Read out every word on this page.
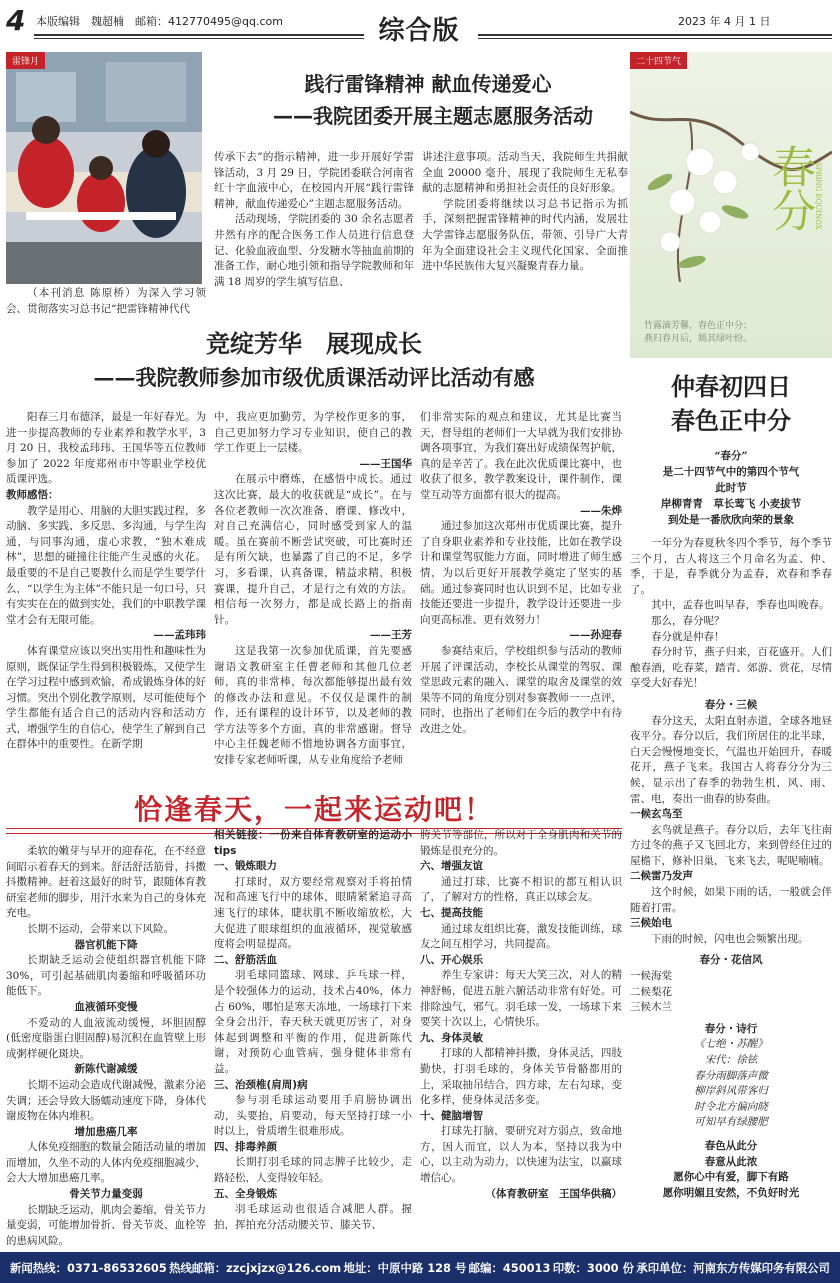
4 本版编辑　魏超楠　邮箱：412770495@qq.com	综合版	2023 年 4 月 1 日
雷锋月
践行雷锋精神 献血传递爱心
——我院团委开展主题志愿服务活动

（本刊消息 陈原桥）为深入学习领会、贯彻落实习总书记“把雷锋精神代代

传承下去”的指示精神，进一步开展好学雷锋活动，3 月 29 日，学院团委联合河南省红十字血液中心，在校园内开展“践行雷锋精神，献血传递爱心”主题志愿服务活动。

活动现场，学院团委的 30 余名志愿者井然有序的配合医务工作人员进行信息登记、化验血液血型、分发糖水等抽血前期的准备工作，耐心地引领和指导学院教师和年满 18 周岁的学生填写信息、

讲述注意事项。活动当天，我院师生共捐献全血 20000 毫升，展现了我院师生无私奉献的志愿精神和勇担社会责任的良好形象。

学院团委将继续以习总书记指示为抓手，深刻把握雷锋精神的时代内涵，发展壮大学雷锋志愿服务队伍，带领、引导广大青年为全面建设社会主义现代化国家、全面推进中华民族伟大复兴凝聚青春力量。

竞绽芳华　展现成长
——我院教师参加市级优质课活动评比活动有感

阳春三月布德泽，最是一年好春光。为进一步提高教师的专业素养和教学水平，3 月 20 日，我校孟玮玮、王国华等五位教师参加了 2022 年度郑州市中等职业学校优质课评选。

教师感悟：

教学是用心、用脑的大胆实践过程，多动脑、多实践、多反思、多沟通，与学生沟通，与同事沟通，虚心求教，“独木难成林”，思想的碰撞往往能产生灵感的火花。最重要的不是自己要教什么而是学生要学什么，“以学生为主体”不能只是一句口号，只有实实在在的做到实处，我们的中职教学课堂才会有无限可能。

——孟玮玮

体育课堂应该以突出实用性和趣味性为原则，既保证学生得到积极锻炼，又使学生在学习过程中感到欢愉，希成锻炼身体的好习惯。突出个别化教学原则，尽可能使每个学生都能有适合自己的活动内容和活动方式，增强学生的自信心，使学生了解到自己在群体中的重要性。在新学期

中，我应更加勤劳，为学校作更多的事，自己更加努力学习专业知识，使自己的教学工作更上一层楼。

——王国华

在展示中磨炼，在感悟中成长。通过这次比赛，最大的收获就是“成长”。在与各位老教师一次次准备、磨课、修改中，对自己充满信心，同时感受到家人的温暖。虽在赛前不断尝试突破，可比赛时还是有所欠缺，也暴露了自己的不足，多学习，多看课，认真备课，精益求精，积极赛课，提升自己，才是行之有效的方法。相信每一次努力，都是成长路上的指南针。

——王芳

这是我第一次参加优质课，首先要感谢语文教研室主任曹老师和其他几位老师，真的非常棒，每次都能够提出最有效的修改办法和意见。不仅仅是课件的制作，还有课程的设计环节，以及老师的教学方法等多个方面，真的非常感谢。督导中心主任魏老师不惜地协调各方面事宜，安排专家老师听课，从专业角度给予老师

们非常实际的观点和建议，尤其是比赛当天，督导组的老师们一大早就为我们安排协调各项事宜，为我们赛出好成绩保驾护航，真的是辛苦了。我在此次优质课比赛中，也收获了很多，教学教案设计，课件制作，课堂互动等方面都有很大的提高。

——朱烨

通过参加这次郑州市优质课比赛，提升了自身职业素养和专业技能，比如在教学设计和课堂驾驭能力方面，同时增进了师生感情，为以后更好开展教学奠定了坚实的基础。通过参赛同时也认识到不足，比如专业技能还要进一步提升，教学设计还要进一步向更高标准、更有效努力！

——孙迎春

参赛结束后，学校组织参与活动的教师开展了评课活动，李校长从课堂的驾驭、课堂思政元素的融入、课堂的取舍及课堂的效果等不同的角度分别对参赛教师一一点评，同时，也指出了老师们在今后的教学中有待改进之处。

恰逢春天，一起来运动吧！

柔软的嫩芽与早开的迎春花，在不经意间昭示着春天的到来。舒活舒活筋骨，抖擞抖擞精神。赶着这最好的时节，跟随体育教研室老师的脚步，用汗水来为自己的身体充充电。

长期不运动，会带来以下风险。

器官机能下降

长期缺乏运动会使组织器官机能下降 30%，可引起基础肌肉萎缩和呼吸循环功能低下。

血液循环变慢

不爱动的人血液流动缓慢，坏胆固醇(低密度脂蛋白胆固醇)易沉积在血管壁上形成粥样硬化斑块。

新陈代谢减缓

长期不运动会造成代谢减慢，激素分泌失调；还会导致大肠蠕动速度下降，身体代谢废物在体内堆积。

增加患癌几率

人体免疫细胞的数量会随活动量的增加而增加，久坐不动的人体内免疫细胞减少，会大大增加患癌几率。

骨关节力量变弱

长期缺乏运动，肌肉会萎缩，骨关节力量变弱，可能增加骨折、骨关节炎、血栓等的患病风险。

相关链接：一份来自体育教研室的运动小 tips

一、锻炼眼力

打球时，双方要经常观察对手将拍情况和高速飞行中的球体，眼睛紧紧追寻高速飞行的球体，睫状肌不断收缩放松，大大促进了眼球组织的血液循环，视觉敏感度将会明显提高。

二、舒筋活血

羽毛球同篮球、网球、乒乓球一样，是个较强体力的运动，技术占40%，体力占 60%，哪怕是寒天冻地，一场球打下来全身会出汗，春天秋天就更厉害了，对身体起到调整和平衡的作用，促进新陈代谢，对预防心血管病，强身健体非常有益。

三、治颈椎(肩周)病

参与羽毛球运动要用手肩膀协调出动，头要抬，肩要动，每天坚持打球一小时以上，骨质增生很难形成。

四、排毒养颜

长期打羽毛球的同志脾子比较少，走路轻松，人变得较年轻。

五、全身锻炼

羽毛球运动也很适合减肥人群。握拍，挥拍充分活动腰关节、膝关节、

胯关节等部位，所以对于全身肌肉和关节的锻炼是很充分的。

六、增强友谊

通过打球，比赛不相识的都互相认识了，了解对方的性格，真正以球会友。

七、提高技能

通过球友组织比赛，激发技能训练，球友之间互相学习，共同提高。

八、开心娱乐

养生专家讲：每天大笑三次，对人的精神舒畅，促进五脏六腑活动非常有好处。可排除浊气，邪气。羽毛球一发，一场球下来要笑十次以上，心情快乐。

九、身体灵敏

打球的人都精神抖擞，身体灵活，四肢勤快，打羽毛球的，身体关节骨骼都用的上，采取抽吊结合，四方球，左右勾球，变化多样，使身体灵活多变。

十、健脑增智

打球先打脑，要研究对方弱点，致命地方，因人而宜，以人为本，坚持以我为中心，以主动为动力，以快速为法宝，以赢球增信心。

（体育教研室　王国华供稿）

二十四节气
春分 SPRING EQUINOX
竹露滴芳馨，春色正中分；
燕归春月后，嫣其绿叶纷。
仲春初四日
春色正中分

“春分”

是二十四节气中的第四个节气

此时节

岸柳青青　草长莺飞 小麦拔节

到处是一番欣欣向荣的景象

一年分为春夏秋冬四个季节，每个季节三个月，古人将这三个月命名为孟、仲、季，于是，春季就分为孟春，欢春和季春了。

其中，孟春也叫早春，季春也叫晚春。

那么，春分呢？

春分就是仲春！

春分时节，燕子归来，百花盛开。人们酿春酒，吃春菜，踏青、郊游、赏花，尽情享受大好春光！

春分・三候

春分这天，太阳直射赤道，全球各地昼夜平分。春分以后，我们所居住的北半球，白天会慢慢地变长，气温也开始回升，春暖花开，燕子飞来。我国古人将春分分为三候，显示出了春季的勃勃生机，风、雨、雷、电，奏出一曲春的协奏曲。

一候玄鸟至

玄鸟就是燕子。春分以后，去年飞往南方过冬的燕子又飞回北方，来到曾经住过的屋檐下，修补旧巢，飞来飞去，呢呢喃喃。

二候雷乃发声

这个时候，如果下雨的话，一般就会伴随着打雷。

三候始电

下雨的时候，闪电也会频繁出现。

春分・花信风

一候海棠

二候梨花

三候木兰

春分・诗行

《七绝・苏醒》

宋代：徐铉

春分雨脚落声微

柳岸斜风带客归

时令北方偏向晓

可知早有绿腰肥

春色从此分

春意从此浓

愿你心中有爱，脚下有路

愿你明媚且安然，不负好时光

新闻热线：0371-86532605 热线邮箱：zzcjxjzx@126.com 地址：中原中路 128 号 邮编：450013 印数：3000 份 承印单位：河南东方传媒印务有限公司
